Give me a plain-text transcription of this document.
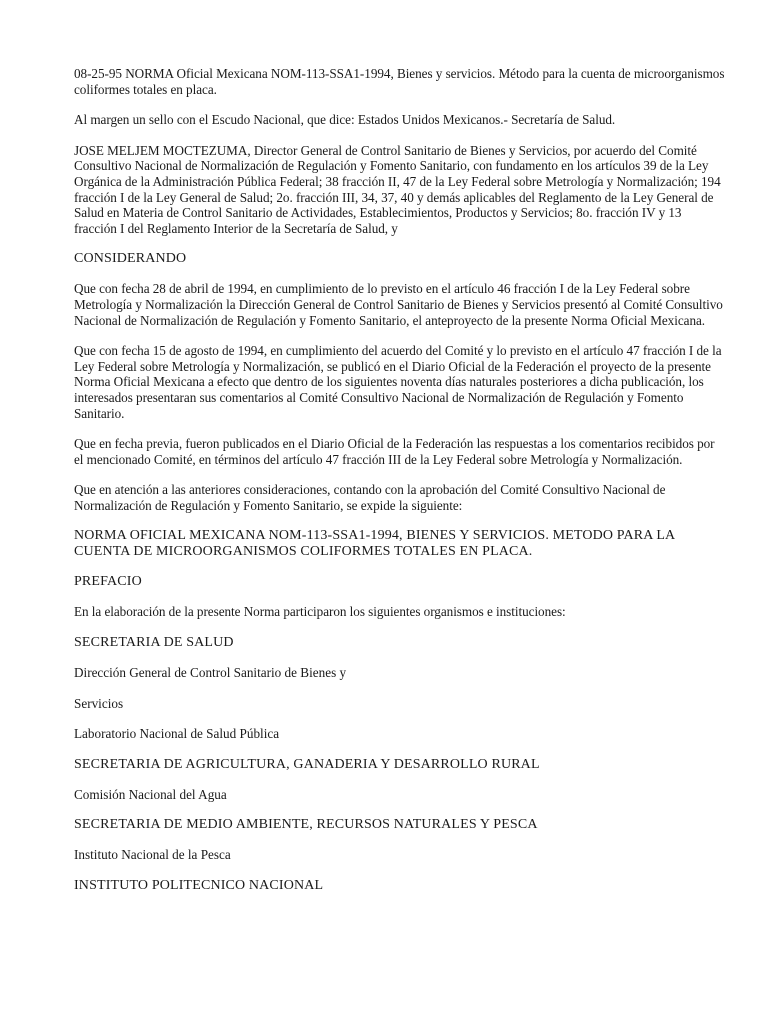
08-25-95 NORMA Oficial Mexicana NOM-113-SSA1-1994, Bienes y servicios. Método para la cuenta de microorganismos coliformes totales en placa.

Al margen un sello con el Escudo Nacional, que dice: Estados Unidos Mexicanos.- Secretaría de Salud.

JOSE MELJEM MOCTEZUMA, Director General de Control Sanitario de Bienes y Servicios, por acuerdo del Comité Consultivo Nacional de Normalización de Regulación y Fomento Sanitario, con fundamento en los artículos 39 de la Ley Orgánica de la Administración Pública Federal; 38 fracción II, 47 de la Ley Federal sobre Metrología y Normalización; 194 fracción I de la Ley General de Salud; 2o. fracción III, 34, 37, 40 y demás aplicables del Reglamento de la Ley General de Salud en Materia de Control Sanitario de Actividades, Establecimientos, Productos y Servicios; 8o. fracción IV y 13 fracción I del Reglamento Interior de la Secretaría de Salud, y

CONSIDERANDO

Que con fecha 28 de abril de 1994, en cumplimiento de lo previsto en el artículo 46 fracción I de la Ley Federal sobre Metrología y Normalización la Dirección General de Control Sanitario de Bienes y Servicios presentó al Comité Consultivo Nacional de Normalización de Regulación y Fomento Sanitario, el anteproyecto de la presente Norma Oficial Mexicana.

Que con fecha 15 de agosto de 1994, en cumplimiento del acuerdo del Comité y lo previsto en el artículo 47 fracción I de la Ley Federal sobre Metrología y Normalización, se publicó en el Diario Oficial de la Federación el proyecto de la presente Norma Oficial Mexicana a efecto que dentro de los siguientes noventa días naturales posteriores a dicha publicación, los interesados presentaran sus comentarios al Comité Consultivo Nacional de Normalización de Regulación y Fomento Sanitario.

Que en fecha previa, fueron publicados en el Diario Oficial de la Federación las respuestas a los comentarios recibidos por el mencionado Comité, en términos del artículo 47 fracción III de la Ley Federal sobre Metrología y Normalización.

Que en atención a las anteriores consideraciones, contando con la aprobación del Comité Consultivo Nacional de Normalización de Regulación y Fomento Sanitario, se expide la siguiente:

NORMA OFICIAL MEXICANA NOM-113-SSA1-1994, BIENES Y SERVICIOS. METODO PARA LA CUENTA DE MICROORGANISMOS COLIFORMES TOTALES EN PLACA.

PREFACIO

En la elaboración de la presente Norma participaron los siguientes organismos e instituciones:

SECRETARIA DE SALUD

Dirección General de Control Sanitario de Bienes y

Servicios

Laboratorio Nacional de Salud Pública

SECRETARIA DE AGRICULTURA, GANADERIA Y DESARROLLO RURAL

Comisión Nacional del Agua

SECRETARIA DE MEDIO AMBIENTE, RECURSOS NATURALES Y PESCA

Instituto Nacional de la Pesca

INSTITUTO POLITECNICO NACIONAL
